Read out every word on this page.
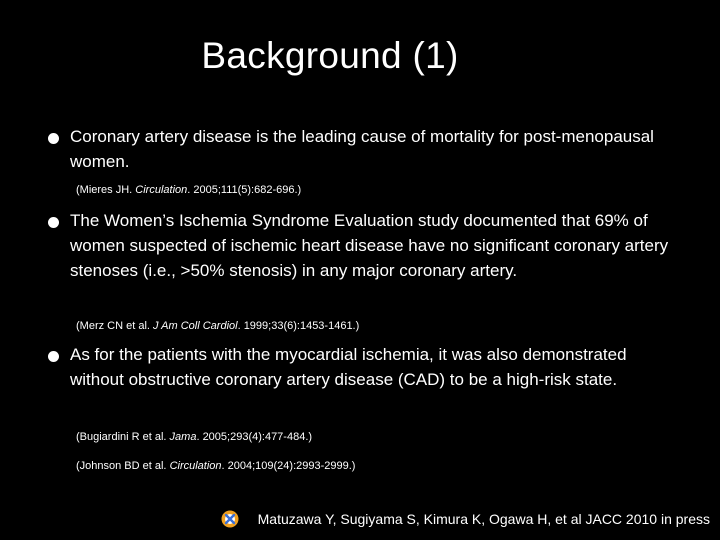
Background (1)
Coronary artery disease is the leading cause of mortality for post-menopausal women.
(Mieres JH. Circulation. 2005;111(5):682-696.)
The Women’s Ischemia Syndrome Evaluation study documented that 69% of women suspected of ischemic heart disease have no significant coronary artery stenoses (i.e., >50% stenosis) in any major coronary artery.
(Merz CN et al. J Am Coll Cardiol. 1999;33(6):1453-1461.)
As for the patients with the myocardial ischemia, it was also demonstrated without obstructive coronary artery disease (CAD) to be a high-risk state.
(Bugiardini R et al. Jama. 2005;293(4):477-484.)
(Johnson BD et al. Circulation. 2004;109(24):2993-2999.)
Matuzawa Y, Sugiyama S, Kimura K, Ogawa H, et al JACC 2010 in press
